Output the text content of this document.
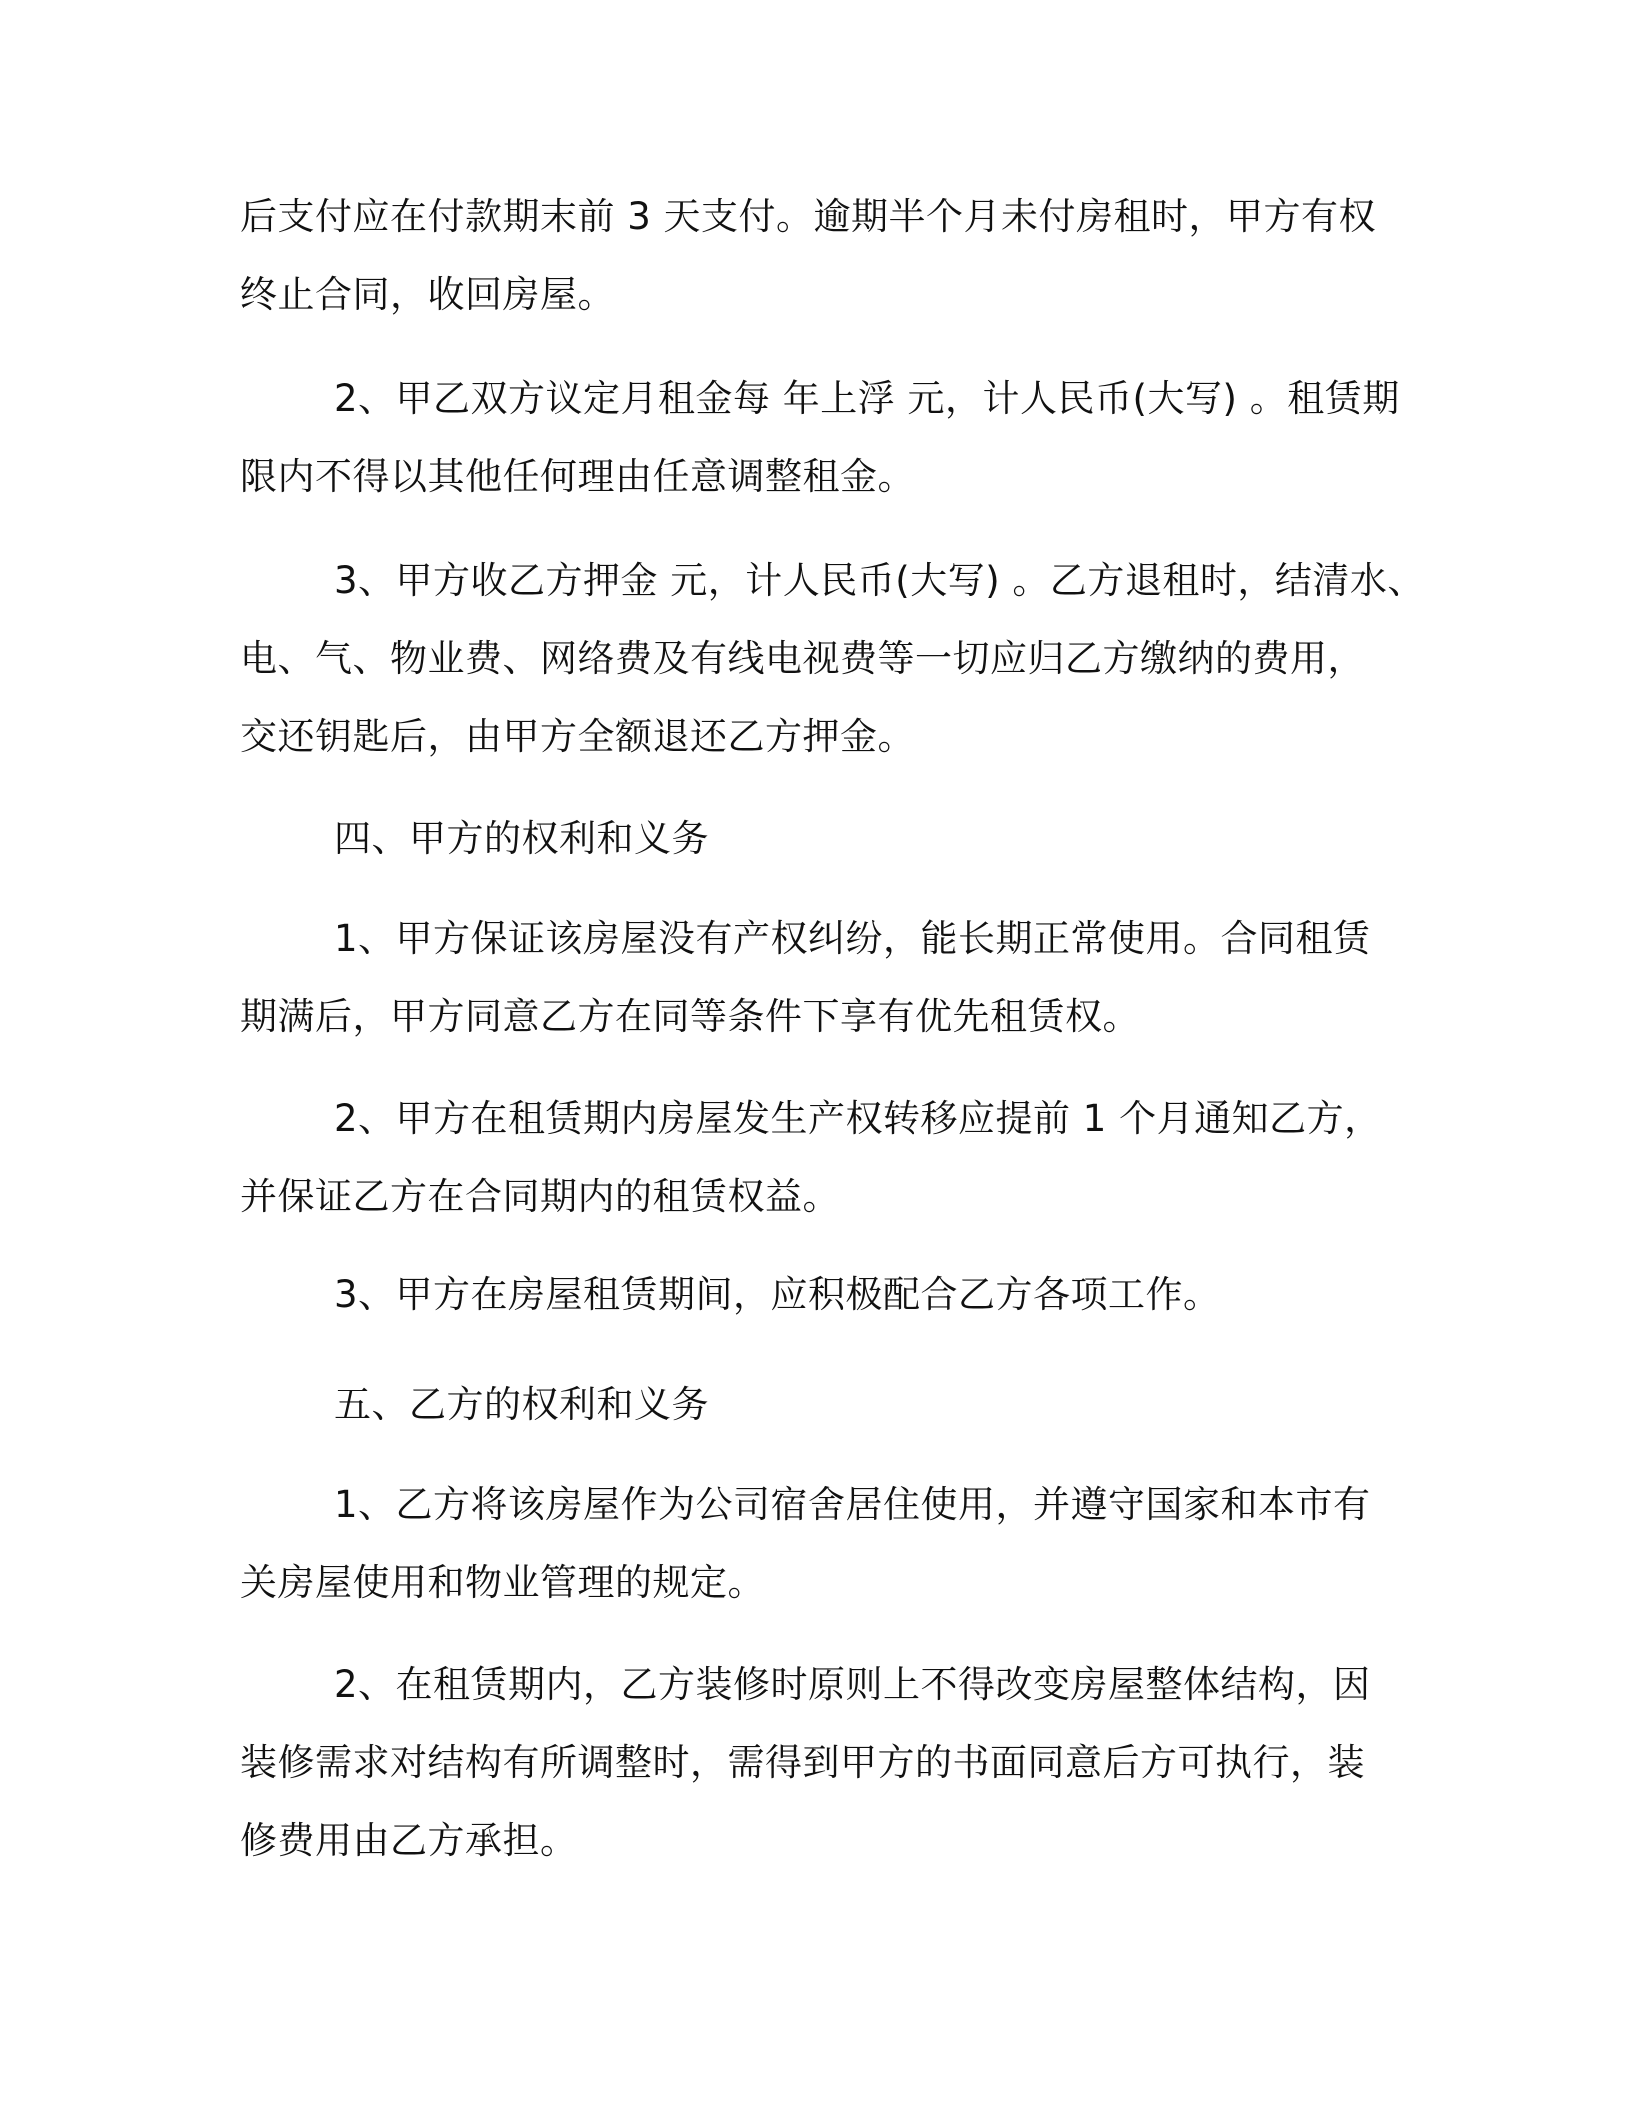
后支付应在付款期末前 3 天支付。逾期半个月未付房租时，甲方有权
终止合同，收回房屋。

2、甲乙双方议定月租金每 年上浮 元，计人民币(大写) 。租赁期
限内不得以其他任何理由任意调整租金。

3、甲方收乙方押金 元，计人民币(大写) 。乙方退租时，结清水、
电、气、物业费、网络费及有线电视费等一切应归乙方缴纳的费用，
交还钥匙后，由甲方全额退还乙方押金。

四、甲方的权利和义务

1、甲方保证该房屋没有产权纠纷，能长期正常使用。合同租赁
期满后，甲方同意乙方在同等条件下享有优先租赁权。

2、甲方在租赁期内房屋发生产权转移应提前 1 个月通知乙方，
并保证乙方在合同期内的租赁权益。

3、甲方在房屋租赁期间，应积极配合乙方各项工作。

五、乙方的权利和义务

1、乙方将该房屋作为公司宿舍居住使用，并遵守国家和本市有
关房屋使用和物业管理的规定。

2、在租赁期内，乙方装修时原则上不得改变房屋整体结构，因
装修需求对结构有所调整时，需得到甲方的书面同意后方可执行，装
修费用由乙方承担。
